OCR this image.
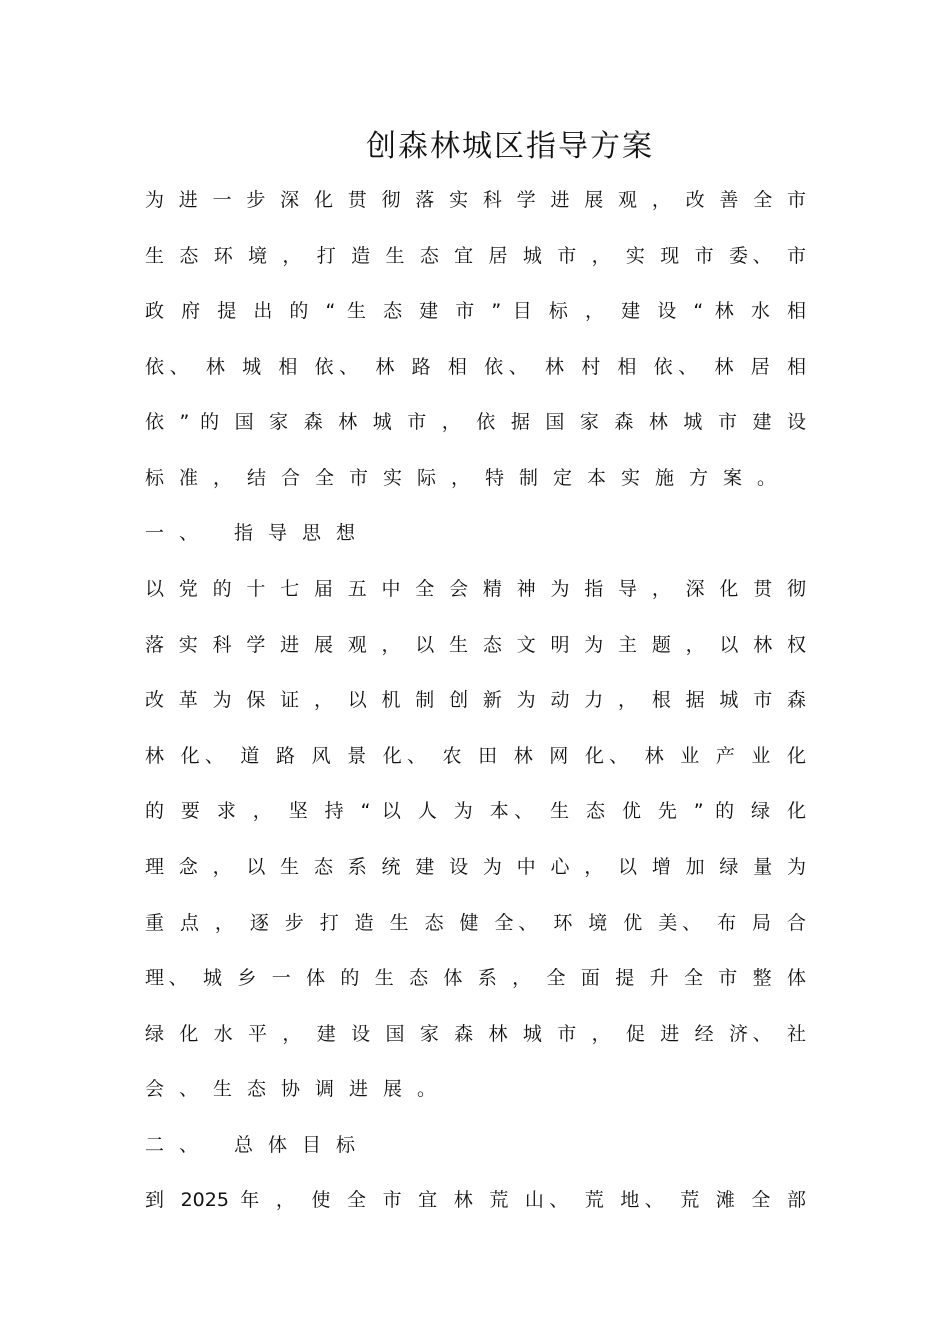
创森林城区指导方案
为 进 一 步 深 化 贯 彻 落 实 科 学 进 展 观 ， 改 善 全 市
生 态 环 境 ， 打 造 生 态 宜 居 城 市 ， 实 现 市 委、 市
政 府 提 出 的 “ 生 态 建 市 ” 目 标 ， 建 设 “ 林 水 相
依、 林 城 相 依、 林 路 相 依、 林 村 相 依、 林 居 相
依 ” 的 国 家 森 林 城 市 ， 依 据 国 家 森 林 城 市 建 设
标准，结合全市实际，特制定本实施方案。
一、 指导思想
以 党 的 十 七 届 五 中 全 会 精 神 为 指 导 ， 深 化 贯 彻
落 实 科 学 进 展 观 ， 以 生 态 文 明 为 主 题 ， 以 林 权
改 革 为 保 证 ， 以 机 制 创 新 为 动 力 ， 根 据 城 市 森
林 化、 道 路 风 景 化、 农 田 林 网 化、 林 业 产 业 化
的 要 求 ， 坚 持 “ 以 人 为 本、 生 态 优 先 ” 的 绿 化
理 念 ， 以 生 态 系 统 建 设 为 中 心 ， 以 增 加 绿 量 为
重 点 ， 逐 步 打 造 生 态 健 全、 环 境 优 美、 布 局 合
理、 城 乡 一 体 的 生 态 体 系 ， 全 面 提 升 全 市 整 体
绿 化 水 平 ， 建 设 国 家 森 林 城 市 ， 促 进 经 济、 社
会、生态协调进展。
二、 总体目标
到 2025 年 ， 使 全 市 宜 林 荒 山、 荒 地、 荒 滩 全 部
